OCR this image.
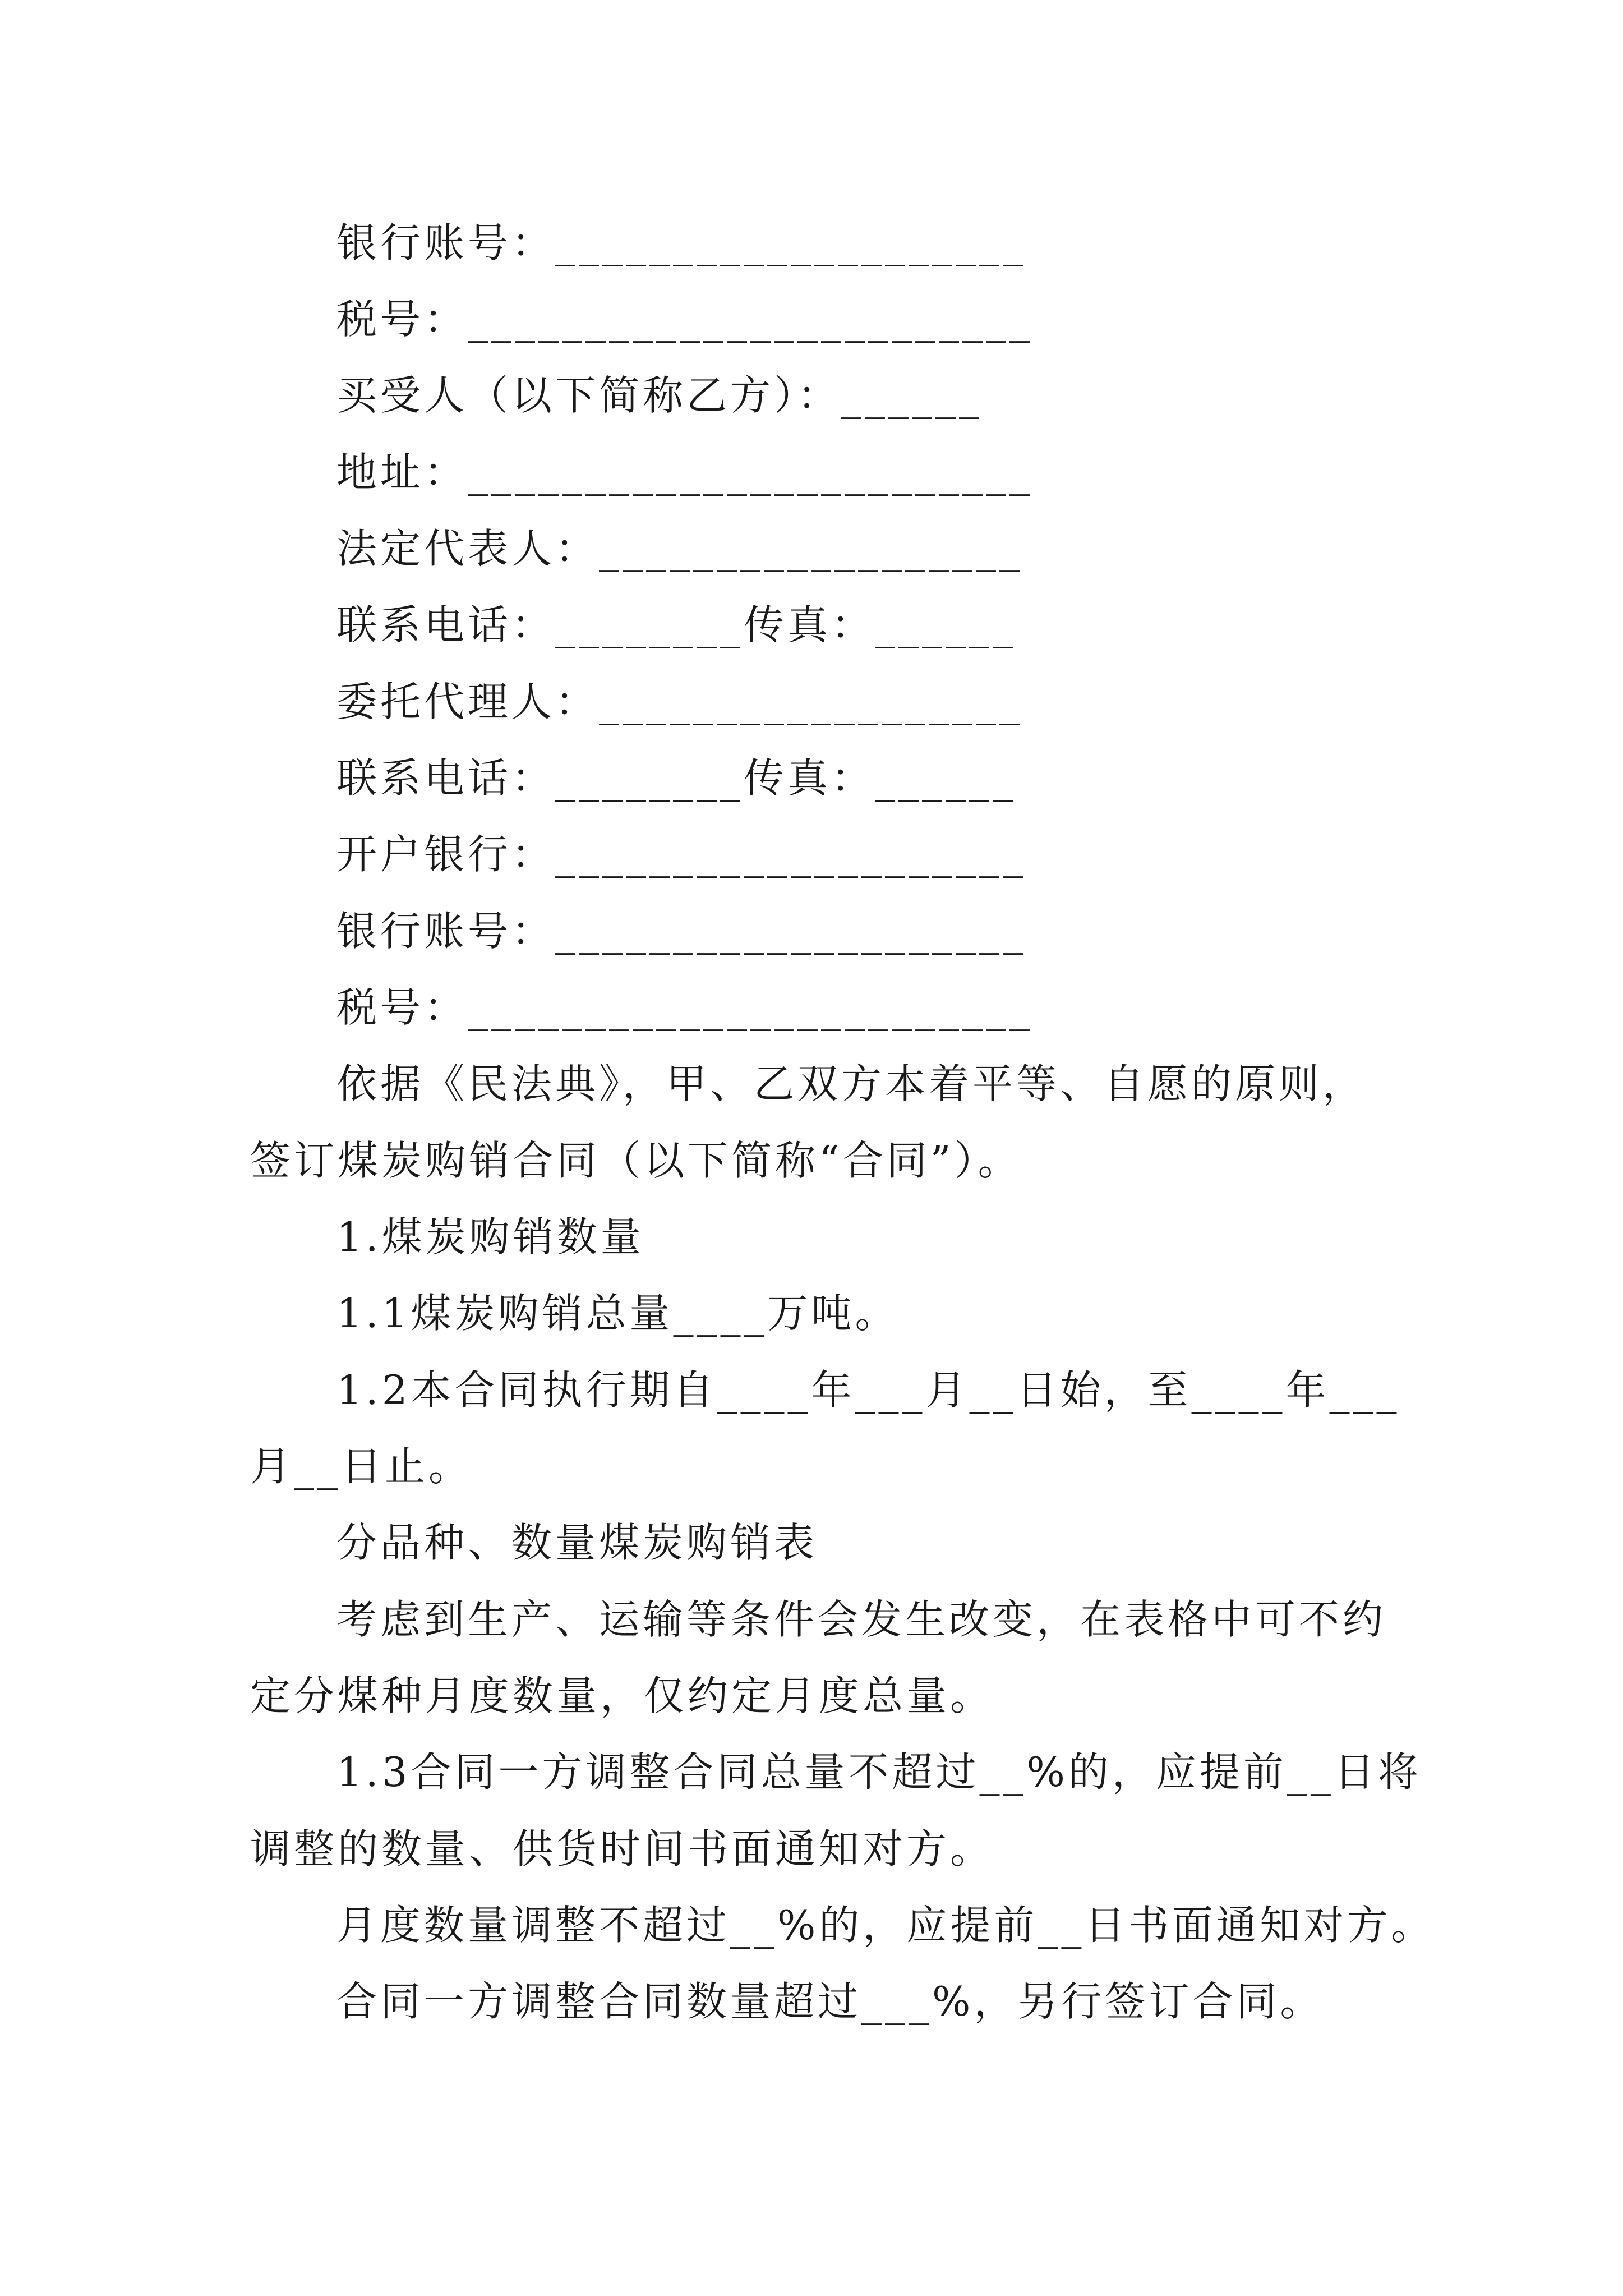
银行账号：____________________
税号：________________________
买受人（以下简称乙方）：______
地址：________________________
法定代表人：__________________
联系电话：________传真：______
委托代理人：__________________
联系电话：________传真：______
开户银行：____________________
银行账号：____________________
税号：________________________
依据《民法典》，甲、乙双方本着平等、自愿的原则，
签订煤炭购销合同（以下简称“合同”）。
1.煤炭购销数量
1.1煤炭购销总量____万吨。
1.2本合同执行期自____年___月__日始，至____年___
月__日止。
分品种、数量煤炭购销表
考虑到生产、运输等条件会发生改变，在表格中可不约
定分煤种月度数量，仅约定月度总量。
1.3合同一方调整合同总量不超过__%的，应提前__日将
调整的数量、供货时间书面通知对方。
月度数量调整不超过__%的，应提前__日书面通知对方。
合同一方调整合同数量超过___%，另行签订合同。
